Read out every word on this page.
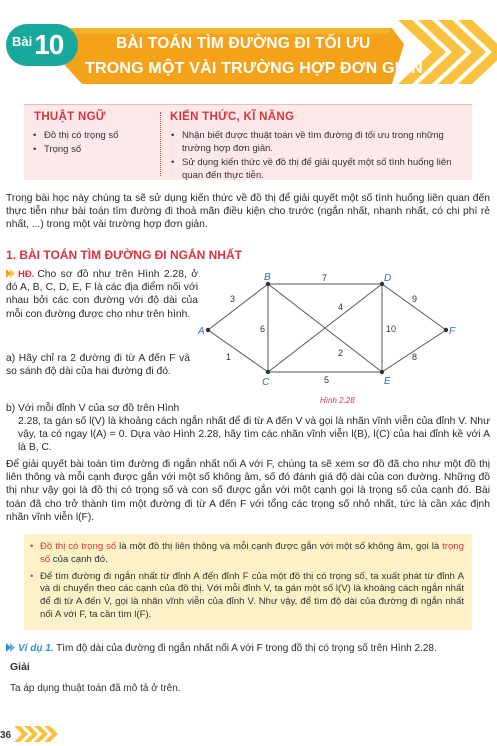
Bài 10	BÀI TOÁN TÌM ĐƯỜNG ĐI TỐI ƯU
TRONG MỘT VÀI TRƯỜNG HỢP ĐƠN GIẢN
THUẬT NGỮ
• Đồ thị có trọng số
• Trọng số
KIẾN THỨC, KĨ NĂNG
• Nhận biết được thuật toán về tìm đường đi tối ưu trong những trường hợp đơn giản.
• Sử dụng kiến thức về đồ thị để giải quyết một số tình huống liên quan đến thực tiễn.
Trong bài học này chúng ta sẽ sử dụng kiến thức về đồ thị để giải quyết một số tình huống liên quan đến thực tiễn như bài toán tìm đường đi thoả mãn điều kiện cho trước (ngắn nhất, nhanh nhất, có chi phí rẻ nhất, ...) trong một vài trường hợp đơn giản.
1. BÀI TOÁN TÌM ĐƯỜNG ĐI NGẮN NHẤT
HĐ. Cho sơ đồ như trên Hình 2.28, ở đó A, B, C, D, E, F là các địa điểm nối với nhau bởi các con đường với độ dài của mỗi con đường được cho như trên hình.
a) Hãy chỉ ra 2 đường đi từ A đến F và so sánh độ dài của hai đường đi đó.
b) Với mỗi đỉnh V của sơ đồ trên Hình
2.28, ta gán số l(V) là khoảng cách ngắn nhất để đi từ A đến V và gọi là nhãn vĩnh viễn của đỉnh V. Như vậy, ta có ngay l(A) = 0. Dựa vào Hình 2.28, hãy tìm các nhãn vĩnh viễn l(B), l(C) của hai đỉnh kề với A là B, C.
A
B
C
D
E
F
3
1
6
7
2
4
5
10
9
8
Hình 2.28
Để giải quyết bài toán tìm đường đi ngắn nhất nối A với F, chúng ta sẽ xem sơ đồ đã cho như một đồ thị liên thông và mỗi cạnh được gắn với một số không âm, số đó đánh giá độ dài của con đường. Những đồ thị như vậy gọi là đồ thị có trọng số và con số được gắn với một cạnh gọi là trọng số của cạnh đó. Bài toán đã cho trở thành tìm một đường đi từ A đến F với tổng các trọng số nhỏ nhất, tức là cần xác định nhãn vĩnh viễn l(F).
• Đồ thị có trọng số là một đồ thị liên thông và mỗi cạnh được gắn với một số không âm, gọi là trọng số của cạnh đó.
• Để tìm đường đi ngắn nhất từ đỉnh A đến đỉnh F của một đồ thị có trọng số, ta xuất phát từ đỉnh A và di chuyển theo các cạnh của đồ thị. Với mỗi đỉnh V, ta gán một số l(V) là khoảng cách ngắn nhất để đi từ A đến V, gọi là nhãn vĩnh viễn của đỉnh V. Như vậy, để tìm độ dài của đường đi ngắn nhất nối A với F, ta cần tìm l(F).
Ví dụ 1. Tìm độ dài của đường đi ngắn nhất nối A với F trong đồ thị có trọng số trên Hình 2.28.
Giải
Ta áp dụng thuật toán đã mô tả ở trên.
36
